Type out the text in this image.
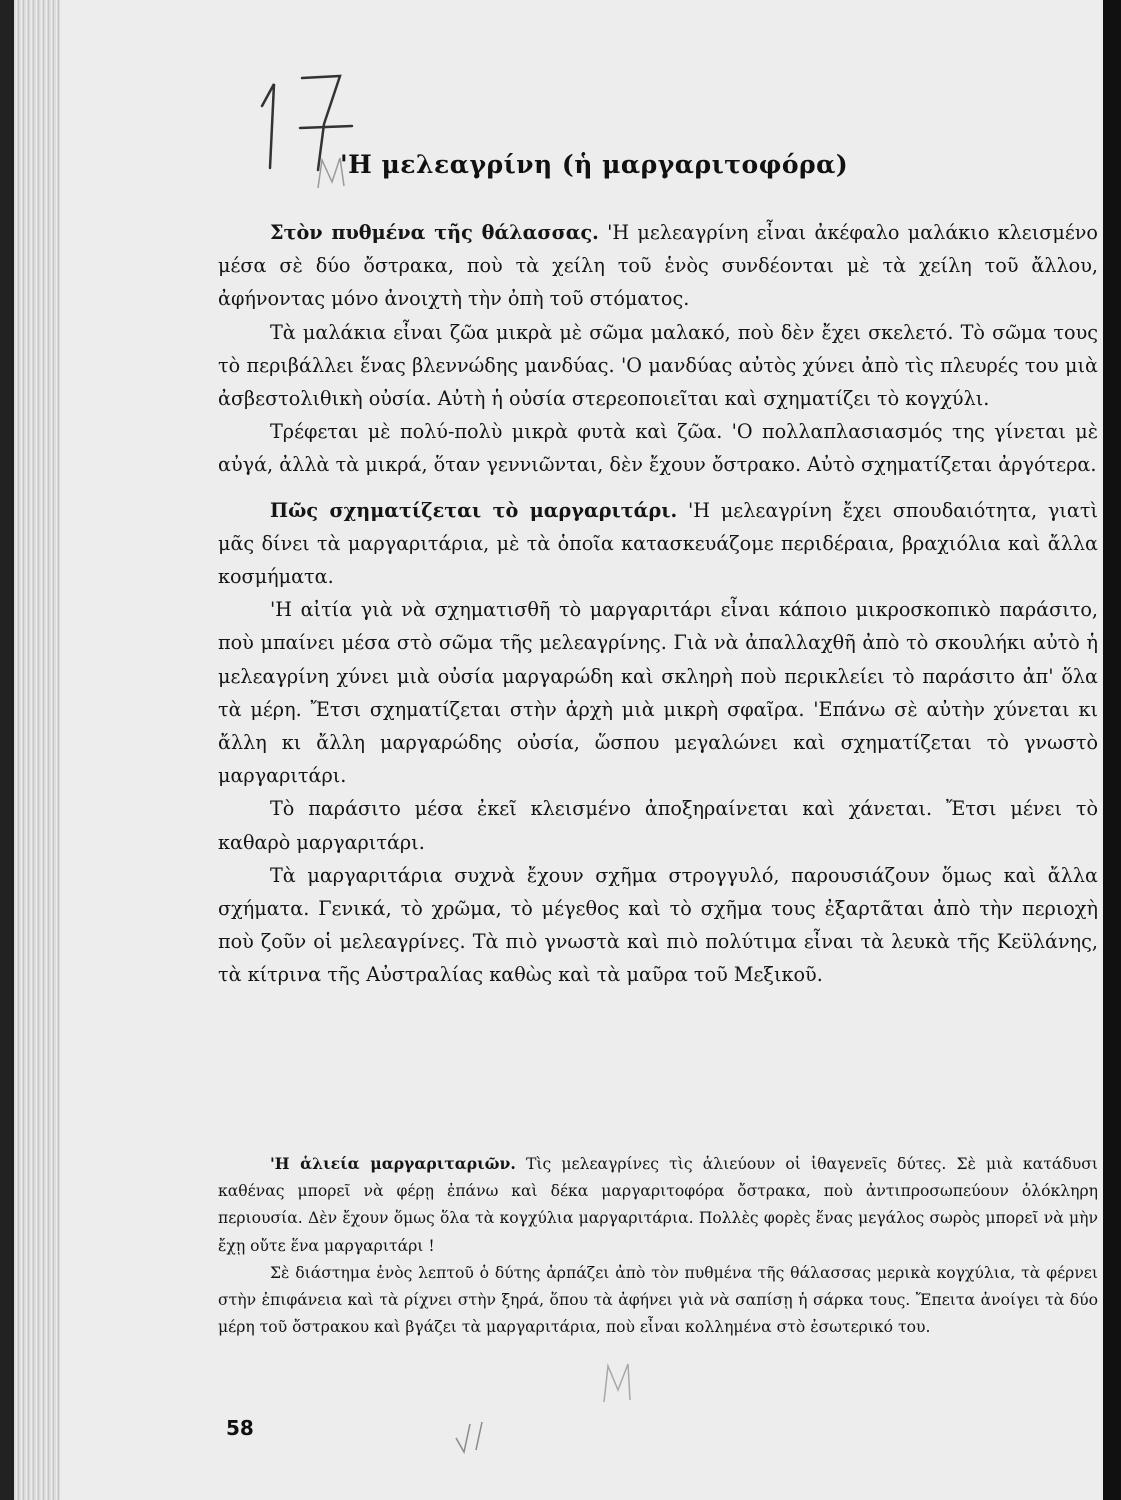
'Η μελεαγρίνη (ἡ μαργαριτοφόρα)

Στὸν πυθμένα τῆς θάλασσας. 'Η μελεαγρίνη εἶναι ἀκέφαλο μαλάκιο κλεισμένο μέσα σὲ δύο ὄστρακα, ποὺ τὰ χείλη τοῦ ἑνὸς συνδέονται μὲ τὰ χείλη τοῦ ἄλλου, ἀφήνοντας μόνο ἀνοιχτὴ τὴν ὀπὴ τοῦ στόματος.

Τὰ μαλάκια εἶναι ζῶα μικρὰ μὲ σῶμα μαλακό, ποὺ δὲν ἔχει σκελετό. Τὸ σῶμα τους τὸ περιβάλλει ἕνας βλεννώδης μανδύας. 'Ο μανδύας αὐτὸς χύνει ἀπὸ τὶς πλευρές του μιὰ ἀσβεστολιθικὴ οὐσία. Αὐτὴ ἡ οὐσία στερεοποιεῖται καὶ σχηματίζει τὸ κογχύλι.

Τρέφεται μὲ πολύ-πολὺ μικρὰ φυτὰ καὶ ζῶα. 'Ο πολλαπλασιασμός της γίνεται μὲ αὐγά, ἀλλὰ τὰ μικρά, ὅταν γεννιῶνται, δὲν ἔχουν ὄστρακο. Αὐτὸ σχηματίζεται ἀργότερα.

Πῶς σχηματίζεται τὸ μαργαριτάρι. 'Η μελεαγρίνη ἔχει σπουδαιότητα, γιατὶ μᾶς δίνει τὰ μαργαριτάρια, μὲ τὰ ὁποῖα κατασκευάζομε περιδέραια, βραχιόλια καὶ ἄλλα κοσμήματα.

'Η αἰτία γιὰ νὰ σχηματισθῆ τὸ μαργαριτάρι εἶναι κάποιο μικροσκοπικὸ παράσιτο, ποὺ μπαίνει μέσα στὸ σῶμα τῆς μελεαγρίνης. Γιὰ νὰ ἀπαλλαχθῆ ἀπὸ τὸ σκουλήκι αὐτὸ ἡ μελεαγρίνη χύνει μιὰ οὐσία μαργαρώδη καὶ σκληρὴ ποὺ περικλείει τὸ παράσιτο ἀπ' ὅλα τὰ μέρη. Ἔτσι σχηματίζεται στὴν ἀρχὴ μιὰ μικρὴ σφαῖρα. 'Επάνω σὲ αὐτὴν χύνεται κι ἄλλη κι ἄλλη μαργαρώδης οὐσία, ὥσπου μεγαλώνει καὶ σχηματίζεται τὸ γνωστὸ μαργαριτάρι.

Τὸ παράσιτο μέσα ἐκεῖ κλεισμένο ἀποξηραίνεται καὶ χάνεται. Ἔτσι μένει τὸ καθαρὸ μαργαριτάρι.

Τὰ μαργαριτάρια συχνὰ ἔχουν σχῆμα στρογγυλό, παρουσιάζουν ὅμως καὶ ἄλλα σχήματα. Γενικά, τὸ χρῶμα, τὸ μέγεθος καὶ τὸ σχῆμα τους ἐξαρτᾶται ἀπὸ τὴν περιοχὴ ποὺ ζοῦν οἱ μελεαγρίνες. Τὰ πιὸ γνωστὰ καὶ πιὸ πολύτιμα εἶναι τὰ λευκὰ τῆς Κεϋλάνης, τὰ κίτρινα τῆς Αὐστραλίας καθὼς καὶ τὰ μαῦρα τοῦ Μεξικοῦ.

'Η ἁλιεία μαργαριταριῶν. Τὶς μελεαγρίνες τὶς ἁλιεύουν οἱ ἰθαγενεῖς δύτες. Σὲ μιὰ κατάδυσι καθένας μπορεῖ νὰ φέρῃ ἐπάνω καὶ δέκα μαργαριτοφόρα ὄστρακα, ποὺ ἀντιπροσωπεύουν ὁλόκληρη περιουσία. Δὲν ἔχουν ὅμως ὅλα τὰ κογχύλια μαργαριτάρια. Πολλὲς φορὲς ἕνας μεγάλος σωρὸς μπορεῖ νὰ μὴν ἔχῃ οὔτε ἕνα μαργαριτάρι !

Σὲ διάστημα ἑνὸς λεπτοῦ ὁ δύτης ἁρπάζει ἀπὸ τὸν πυθμένα τῆς θάλασσας μερικὰ κογχύλια, τὰ φέρνει στὴν ἐπιφάνεια καὶ τὰ ρίχνει στὴν ξηρά, ὅπου τὰ ἀφήνει γιὰ νὰ σαπίσῃ ἡ σάρκα τους. Ἔπειτα ἀνοίγει τὰ δύο μέρη τοῦ ὄστρακου καὶ βγάζει τὰ μαργαριτάρια, ποὺ εἶναι κολλημένα στὸ ἐσωτερικό του.

58
